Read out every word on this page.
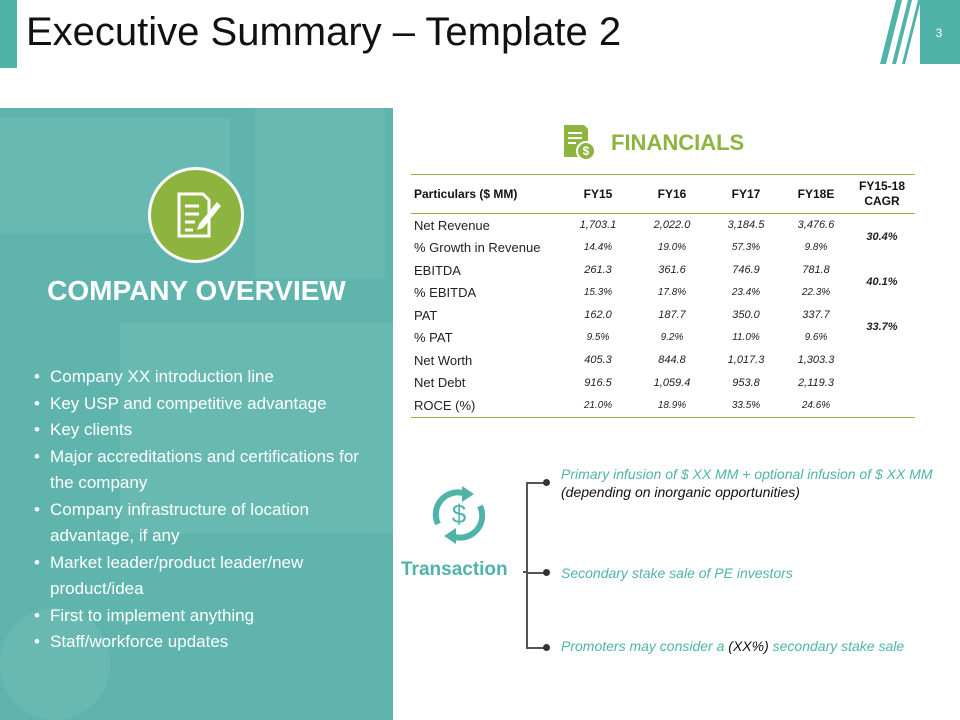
Executive Summary – Template 2	3
COMPANY OVERVIEW
• Company XX introduction line
• Key USP and competitive advantage
• Key clients
• Major accreditations and certifications for the company
• Company infrastructure of location advantage, if any
• Market leader/product leader/new product/idea
• First to implement anything
• Staff/workforce updates
$ FINANCIALS
Particulars ($ MM)	FY15	FY16	FY17	FY18E	FY15-18 CAGR
Net Revenue	1,703.1	2,022.0	3,184.5	3,476.6	30.4%
% Growth in Revenue	14.4%	19.0%	57.3%	9.8%	
EBITDA	261.3	361.6	746.9	781.8	40.1%
% EBITDA	15.3%	17.8%	23.4%	22.3%	
PAT	162.0	187.7	350.0	337.7	33.7%
% PAT	9.5%	9.2%	11.0%	9.6%	
Net Worth	405.3	844.8	1,017.3	1,303.3	
Net Debt	916.5	1,059.4	953.8	2,119.3	
ROCE (%)	21.0%	18.9%	33.5%	24.6%	
$
Transaction
Primary infusion of $ XX MM + optional infusion of $ XX MM (depending on inorganic opportunities)
Secondary stake sale of PE investors
Promoters may consider a (XX%) secondary stake sale
